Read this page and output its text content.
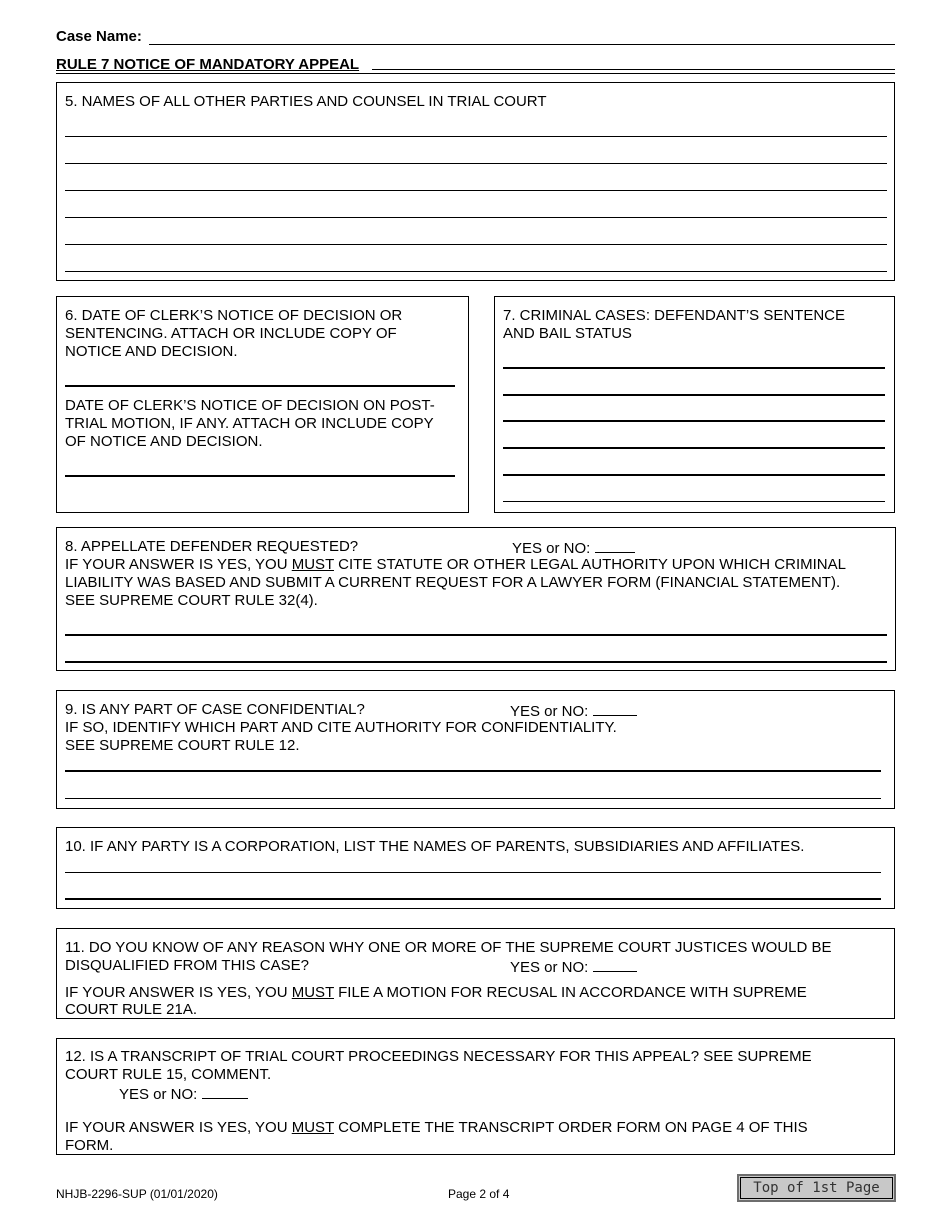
Case Name:
RULE 7 NOTICE OF MANDATORY APPEAL
5. NAMES OF ALL OTHER PARTIES AND COUNSEL IN TRIAL COURT
6. DATE OF CLERK’S NOTICE OF DECISION OR
SENTENCING. ATTACH OR INCLUDE COPY OF
NOTICE AND DECISION.
DATE OF CLERK’S NOTICE OF DECISION ON POST-
TRIAL MOTION, IF ANY. ATTACH OR INCLUDE COPY
OF NOTICE AND DECISION.
7. CRIMINAL CASES: DEFENDANT’S SENTENCE
AND BAIL STATUS
8. APPELLATE DEFENDER REQUESTED?	YES or NO:
IF YOUR ANSWER IS YES, YOU MUST CITE STATUTE OR OTHER LEGAL AUTHORITY UPON WHICH CRIMINAL
LIABILITY WAS BASED AND SUBMIT A CURRENT REQUEST FOR A LAWYER FORM (FINANCIAL STATEMENT).
SEE SUPREME COURT RULE 32(4).
9. IS ANY PART OF CASE CONFIDENTIAL?	YES or NO:
IF SO, IDENTIFY WHICH PART AND CITE AUTHORITY FOR CONFIDENTIALITY.
SEE SUPREME COURT RULE 12.
10. IF ANY PARTY IS A CORPORATION, LIST THE NAMES OF PARENTS, SUBSIDIARIES AND AFFILIATES.
11. DO YOU KNOW OF ANY REASON WHY ONE OR MORE OF THE SUPREME COURT JUSTICES WOULD BE
DISQUALIFIED FROM THIS CASE?	YES or NO:
IF YOUR ANSWER IS YES, YOU MUST FILE A MOTION FOR RECUSAL IN ACCORDANCE WITH SUPREME
COURT RULE 21A.
12. IS A TRANSCRIPT OF TRIAL COURT PROCEEDINGS NECESSARY FOR THIS APPEAL? SEE SUPREME
COURT RULE 15, COMMENT.
YES or NO:
IF YOUR ANSWER IS YES, YOU MUST COMPLETE THE TRANSCRIPT ORDER FORM ON PAGE 4 OF THIS
FORM.
NHJB-2296-SUP (01/01/2020)	Page 2 of 4	Top of 1st Page
